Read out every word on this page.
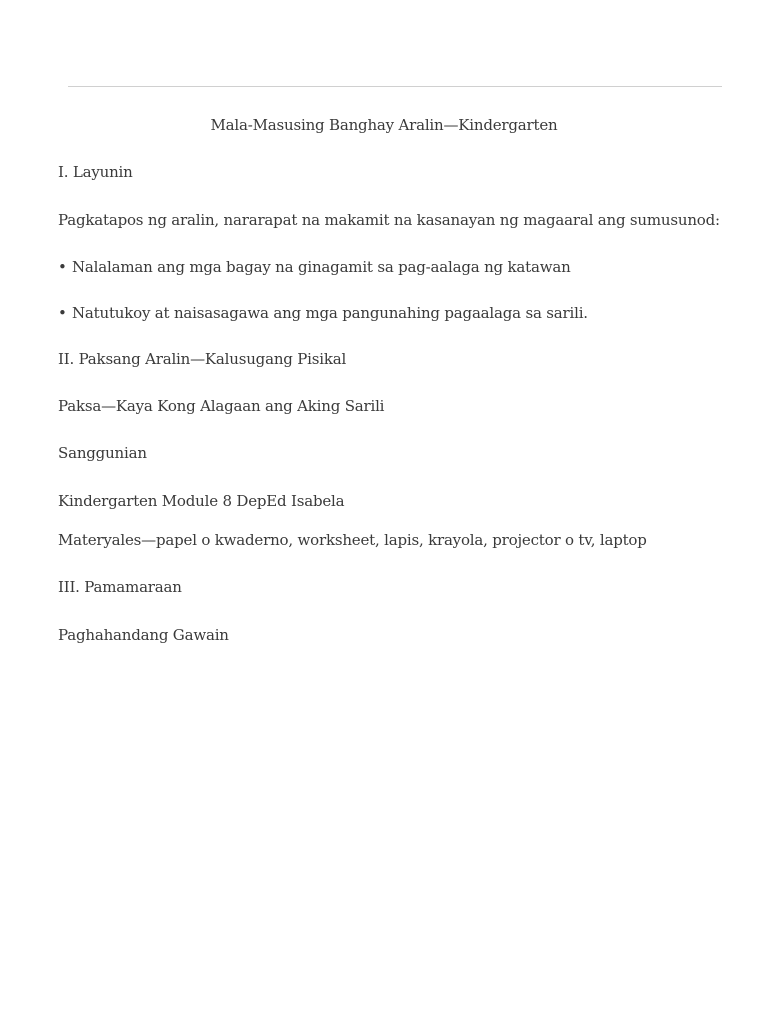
Mala-Masusing Banghay Aralin—Kindergarten
I. Layunin
Pagkatapos ng aralin, nararapat na makamit na kasanayan ng magaaral ang sumusunod:
• Nalalaman ang mga bagay na ginagamit sa pag-aalaga ng katawan
• Natutukoy at naisasagawa ang mga pangunahing pagaalaga sa sarili.
II. Paksang Aralin—Kalusugang Pisikal
Paksa—Kaya Kong Alagaan ang Aking Sarili
Sanggunian
Kindergarten Module 8 DepEd Isabela
Materyales—papel o kwaderno, worksheet, lapis, krayola, projector o tv, laptop
III. Pamamaraan
Paghahandang Gawain
